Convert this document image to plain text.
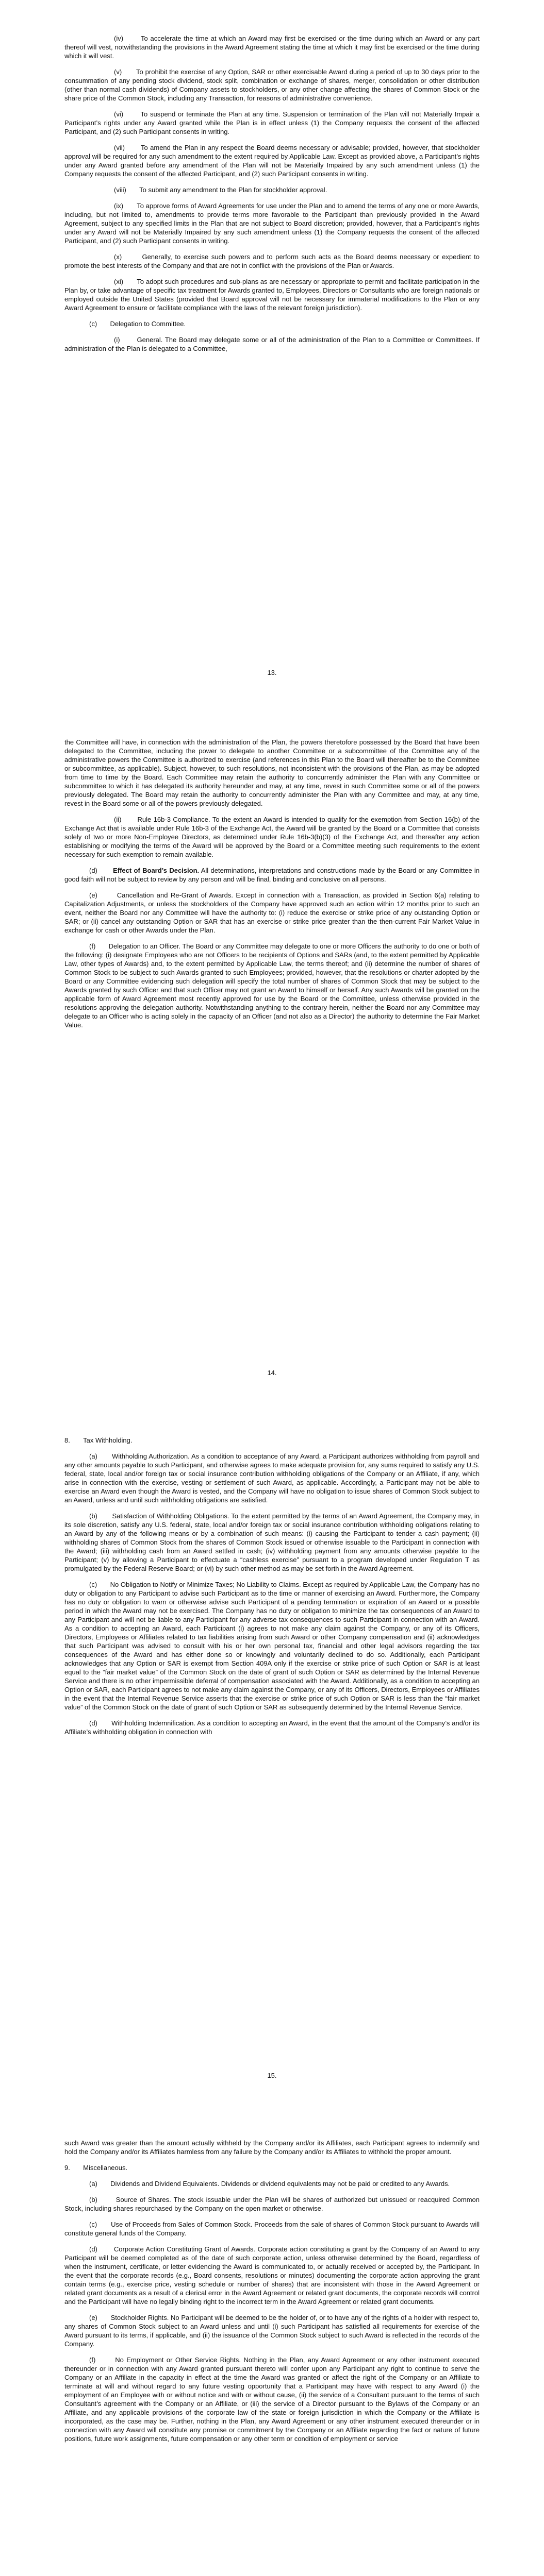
(iv)       To accelerate the time at which an Award may first be exercised or the time during which an Award or any part thereof will vest, notwithstanding the provisions in the Award Agreement stating the time at which it may first be exercised or the time during which it will vest.

(v)       To prohibit the exercise of any Option, SAR or other exercisable Award during a period of up to 30 days prior to the consummation of any pending stock dividend, stock split, combination or exchange of shares, merger, consolidation or other distribution (other than normal cash dividends) of Company assets to stockholders, or any other change affecting the shares of Common Stock or the share price of the Common Stock, including any Transaction, for reasons of administrative convenience.

(vi)       To suspend or terminate the Plan at any time. Suspension or termination of the Plan will not Materially Impair a Participant’s rights under any Award granted while the Plan is in effect unless (1) the Company requests the consent of the affected Participant, and (2) such Participant consents in writing.

(vii)       To amend the Plan in any respect the Board deems necessary or advisable; provided, however, that stockholder approval will be required for any such amendment to the extent required by Applicable Law. Except as provided above, a Participant’s rights under any Award granted before any amendment of the Plan will not be Materially Impaired by any such amendment unless (1) the Company requests the consent of the affected Participant, and (2) such Participant consents in writing.

(viii)       To submit any amendment to the Plan for stockholder approval.

(ix)       To approve forms of Award Agreements for use under the Plan and to amend the terms of any one or more Awards, including, but not limited to, amendments to provide terms more favorable to the Participant than previously provided in the Award Agreement, subject to any specified limits in the Plan that are not subject to Board discretion; provided, however, that a Participant’s rights under any Award will not be Materially Impaired by any such amendment unless (1) the Company requests the consent of the affected Participant, and (2) such Participant consents in writing.

(x)       Generally, to exercise such powers and to perform such acts as the Board deems necessary or expedient to promote the best interests of the Company and that are not in conflict with the provisions of the Plan or Awards.

(xi)       To adopt such procedures and sub-plans as are necessary or appropriate to permit and facilitate participation in the Plan by, or take advantage of specific tax treatment for Awards granted to, Employees, Directors or Consultants who are foreign nationals or employed outside the United States (provided that Board approval will not be necessary for immaterial modifications to the Plan or any Award Agreement to ensure or facilitate compliance with the laws of the relevant foreign jurisdiction).

(c)       Delegation to Committee.

(i)       General. The Board may delegate some or all of the administration of the Plan to a Committee or Committees. If administration of the Plan is delegated to a Committee,

13.

the Committee will have, in connection with the administration of the Plan, the powers theretofore possessed by the Board that have been delegated to the Committee, including the power to delegate to another Committee or a subcommittee of the Committee any of the administrative powers the Committee is authorized to exercise (and references in this Plan to the Board will thereafter be to the Committee or subcommittee, as applicable). Subject, however, to such resolutions, not inconsistent with the provisions of the Plan, as may be adopted from time to time by the Board. Each Committee may retain the authority to concurrently administer the Plan with any Committee or subcommittee to which it has delegated its authority hereunder and may, at any time, revest in such Committee some or all of the powers previously delegated. The Board may retain the authority to concurrently administer the Plan with any Committee and may, at any time, revest in the Board some or all of the powers previously delegated.

(ii)       Rule 16b-3 Compliance. To the extent an Award is intended to qualify for the exemption from Section 16(b) of the Exchange Act that is available under Rule 16b-3 of the Exchange Act, the Award will be granted by the Board or a Committee that consists solely of two or more Non-Employee Directors, as determined under Rule 16b-3(b)(3) of the Exchange Act, and thereafter any action establishing or modifying the terms of the Award will be approved by the Board or a Committee meeting such requirements to the extent necessary for such exemption to remain available.

(d)       Effect of Board’s Decision. All determinations, interpretations and constructions made by the Board or any Committee in good faith will not be subject to review by any person and will be final, binding and conclusive on all persons.

(e)       Cancellation and Re-Grant of Awards. Except in connection with a Transaction, as provided in Section 6(a) relating to Capitalization Adjustments, or unless the stockholders of the Company have approved such an action within 12 months prior to such an event, neither the Board nor any Committee will have the authority to: (i) reduce the exercise or strike price of any outstanding Option or SAR; or (ii) cancel any outstanding Option or SAR that has an exercise or strike price greater than the then-current Fair Market Value in exchange for cash or other Awards under the Plan.

(f)       Delegation to an Officer. The Board or any Committee may delegate to one or more Officers the authority to do one or both of the following: (i) designate Employees who are not Officers to be recipients of Options and SARs (and, to the extent permitted by Applicable Law, other types of Awards) and, to the extent permitted by Applicable Law, the terms thereof; and (ii) determine the number of shares of Common Stock to be subject to such Awards granted to such Employees; provided, however, that the resolutions or charter adopted by the Board or any Committee evidencing such delegation will specify the total number of shares of Common Stock that may be subject to the Awards granted by such Officer and that such Officer may not grant an Award to himself or herself. Any such Awards will be granted on the applicable form of Award Agreement most recently approved for use by the Board or the Committee, unless otherwise provided in the resolutions approving the delegation authority. Notwithstanding anything to the contrary herein, neither the Board nor any Committee may delegate to an Officer who is acting solely in the capacity of an Officer (and not also as a Director) the authority to determine the Fair Market Value.

14.

8.       Tax Withholding.

(a)       Withholding Authorization. As a condition to acceptance of any Award, a Participant authorizes withholding from payroll and any other amounts payable to such Participant, and otherwise agrees to make adequate provision for, any sums required to satisfy any U.S. federal, state, local and/or foreign tax or social insurance contribution withholding obligations of the Company or an Affiliate, if any, which arise in connection with the exercise, vesting or settlement of such Award, as applicable. Accordingly, a Participant may not be able to exercise an Award even though the Award is vested, and the Company will have no obligation to issue shares of Common Stock subject to an Award, unless and until such withholding obligations are satisfied.

(b)       Satisfaction of Withholding Obligations. To the extent permitted by the terms of an Award Agreement, the Company may, in its sole discretion, satisfy any U.S. federal, state, local and/or foreign tax or social insurance contribution withholding obligations relating to an Award by any of the following means or by a combination of such means: (i) causing the Participant to tender a cash payment; (ii) withholding shares of Common Stock from the shares of Common Stock issued or otherwise issuable to the Participant in connection with the Award; (iii) withholding cash from an Award settled in cash; (iv) withholding payment from any amounts otherwise payable to the Participant; (v) by allowing a Participant to effectuate a “cashless exercise” pursuant to a program developed under Regulation T as promulgated by the Federal Reserve Board; or (vi) by such other method as may be set forth in the Award Agreement.

(c)       No Obligation to Notify or Minimize Taxes; No Liability to Claims. Except as required by Applicable Law, the Company has no duty or obligation to any Participant to advise such Participant as to the time or manner of exercising an Award. Furthermore, the Company has no duty or obligation to warn or otherwise advise such Participant of a pending termination or expiration of an Award or a possible period in which the Award may not be exercised. The Company has no duty or obligation to minimize the tax consequences of an Award to any Participant and will not be liable to any Participant for any adverse tax consequences to such Participant in connection with an Award. As a condition to accepting an Award, each Participant (i) agrees to not make any claim against the Company, or any of its Officers, Directors, Employees or Affiliates related to tax liabilities arising from such Award or other Company compensation and (ii) acknowledges that such Participant was advised to consult with his or her own personal tax, financial and other legal advisors regarding the tax consequences of the Award and has either done so or knowingly and voluntarily declined to do so. Additionally, each Participant acknowledges that any Option or SAR is exempt from Section 409A only if the exercise or strike price of such Option or SAR is at least equal to the “fair market value” of the Common Stock on the date of grant of such Option or SAR as determined by the Internal Revenue Service and there is no other impermissible deferral of compensation associated with the Award. Additionally, as a condition to accepting an Option or SAR, each Participant agrees to not make any claim against the Company, or any of its Officers, Directors, Employees or Affiliates in the event that the Internal Revenue Service asserts that the exercise or strike price of such Option or SAR is less than the “fair market value” of the Common Stock on the date of grant of such Option or SAR as subsequently determined by the Internal Revenue Service.

(d)       Withholding Indemnification. As a condition to accepting an Award, in the event that the amount of the Company’s and/or its Affiliate’s withholding obligation in connection with

15.

such Award was greater than the amount actually withheld by the Company and/or its Affiliates, each Participant agrees to indemnify and hold the Company and/or its Affiliates harmless from any failure by the Company and/or its Affiliates to withhold the proper amount.

9.       Miscellaneous.

(a)       Dividends and Dividend Equivalents. Dividends or dividend equivalents may not be paid or credited to any Awards.

(b)       Source of Shares. The stock issuable under the Plan will be shares of authorized but unissued or reacquired Common Stock, including shares repurchased by the Company on the open market or otherwise.

(c)       Use of Proceeds from Sales of Common Stock. Proceeds from the sale of shares of Common Stock pursuant to Awards will constitute general funds of the Company.

(d)       Corporate Action Constituting Grant of Awards. Corporate action constituting a grant by the Company of an Award to any Participant will be deemed completed as of the date of such corporate action, unless otherwise determined by the Board, regardless of when the instrument, certificate, or letter evidencing the Award is communicated to, or actually received or accepted by, the Participant. In the event that the corporate records (e.g., Board consents, resolutions or minutes) documenting the corporate action approving the grant contain terms (e.g., exercise price, vesting schedule or number of shares) that are inconsistent with those in the Award Agreement or related grant documents as a result of a clerical error in the Award Agreement or related grant documents, the corporate records will control and the Participant will have no legally binding right to the incorrect term in the Award Agreement or related grant documents.

(e)       Stockholder Rights. No Participant will be deemed to be the holder of, or to have any of the rights of a holder with respect to, any shares of Common Stock subject to an Award unless and until (i) such Participant has satisfied all requirements for exercise of the Award pursuant to its terms, if applicable, and (ii) the issuance of the Common Stock subject to such Award is reflected in the records of the Company.

(f)       No Employment or Other Service Rights. Nothing in the Plan, any Award Agreement or any other instrument executed thereunder or in connection with any Award granted pursuant thereto will confer upon any Participant any right to continue to serve the Company or an Affiliate in the capacity in effect at the time the Award was granted or affect the right of the Company or an Affiliate to terminate at will and without regard to any future vesting opportunity that a Participant may have with respect to any Award (i) the employment of an Employee with or without notice and with or without cause, (ii) the service of a Consultant pursuant to the terms of such Consultant’s agreement with the Company or an Affiliate, or (iii) the service of a Director pursuant to the Bylaws of the Company or an Affiliate, and any applicable provisions of the corporate law of the state or foreign jurisdiction in which the Company or the Affiliate is incorporated, as the case may be. Further, nothing in the Plan, any Award Agreement or any other instrument executed thereunder or in connection with any Award will constitute any promise or commitment by the Company or an Affiliate regarding the fact or nature of future positions, future work assignments, future compensation or any other term or condition of employment or service
